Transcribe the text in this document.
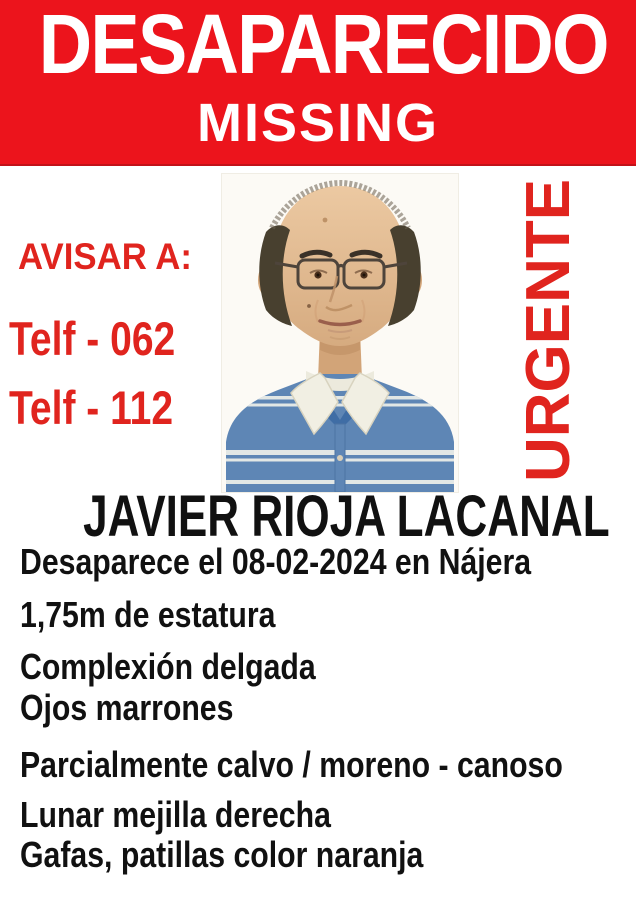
DESAPARECIDO
MISSING
AVISAR A:
Telf - 062
Telf - 112	URGENTE
JAVIER RIOJA LACANAL
Desaparece el 08-02-2024 en Nájera
1,75m de estatura
Complexión delgada
Ojos marrones
Parcialmente calvo / moreno - canoso
Lunar mejilla derecha
Gafas, patillas color naranja
